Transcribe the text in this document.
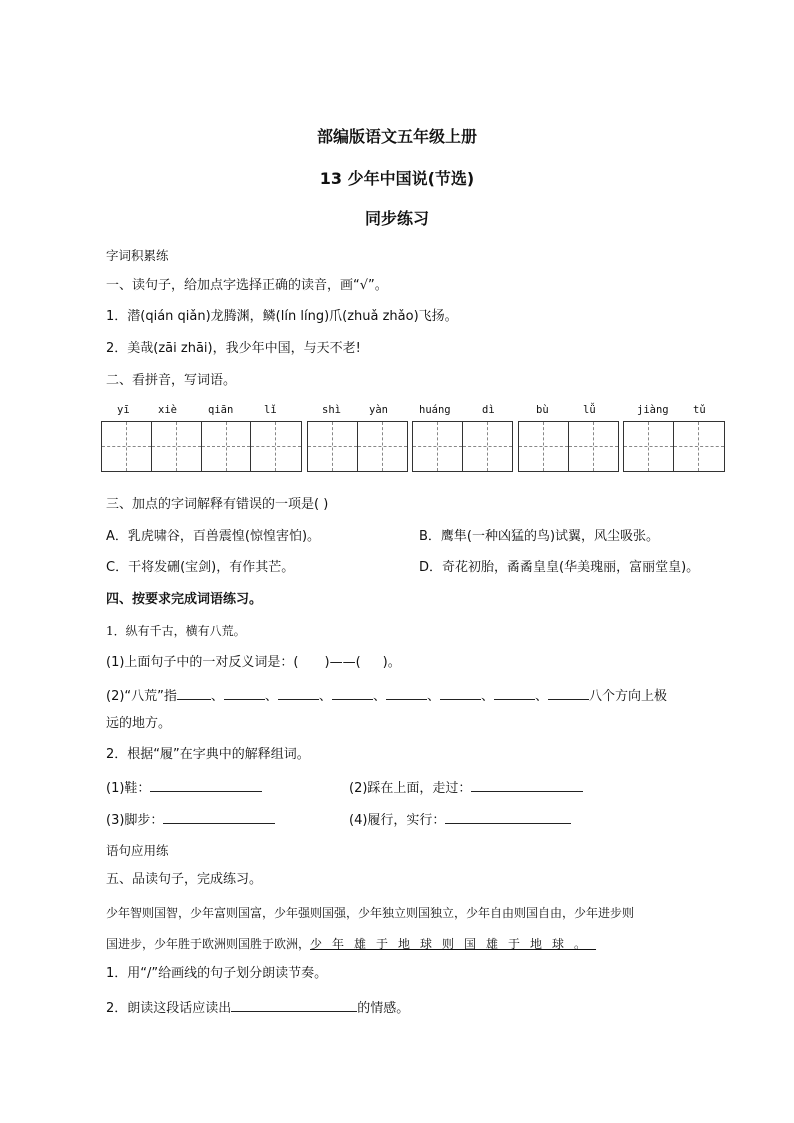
部编版语文五年级上册
13 少年中国说(节选)
同步练习
字词积累练
一、读句子，给加点字选择正确的读音，画“√”。
1．潜(qián qiǎn)龙腾渊，鳞(lín líng)爪(zhuǎ zhǎo)飞扬。
2．美哉(zāi zhāi)，我少年中国，与天不老!
二、看拼音，写词语。
yī	xiè	qiān	lǐ	shì	yàn	huáng	dì	bù	lǚ	jiàng tǔ
三、加点的字词解释有错误的一项是( )
A．乳虎啸谷，百兽震惶(惊惶害怕)。	B．鹰隼(一种凶猛的鸟)试翼，风尘吸张。
C．干将发硎(宝剑)，有作其芒。	D．奇花初胎，矞矞皇皇(华美瑰丽，富丽堂皇)。
四、按要求完成词语练习。
1．纵有千古，横有八荒。
(1)上面句子中的一对反义词是：( )——( )。
(2)“八荒”指	、	、	、	、	、	、	、	八个方向上极
远的地方。
2．根据“履”在字典中的解释组词。
(1)鞋：	(2)踩在上面，走过：
(3)脚步：	(4)履行，实行：
语句应用练
五、品读句子，完成练习。
少年智则国智，少年富则国富，少年强则国强，少年独立则国独立，少年自由则国自由，少年进步则
国进步，少年胜于欧洲则国胜于欧洲，少年雄于地球则国雄于地球。
1．用“/”给画线的句子划分朗读节奏。
2．朗读这段话应读出	的情感。
